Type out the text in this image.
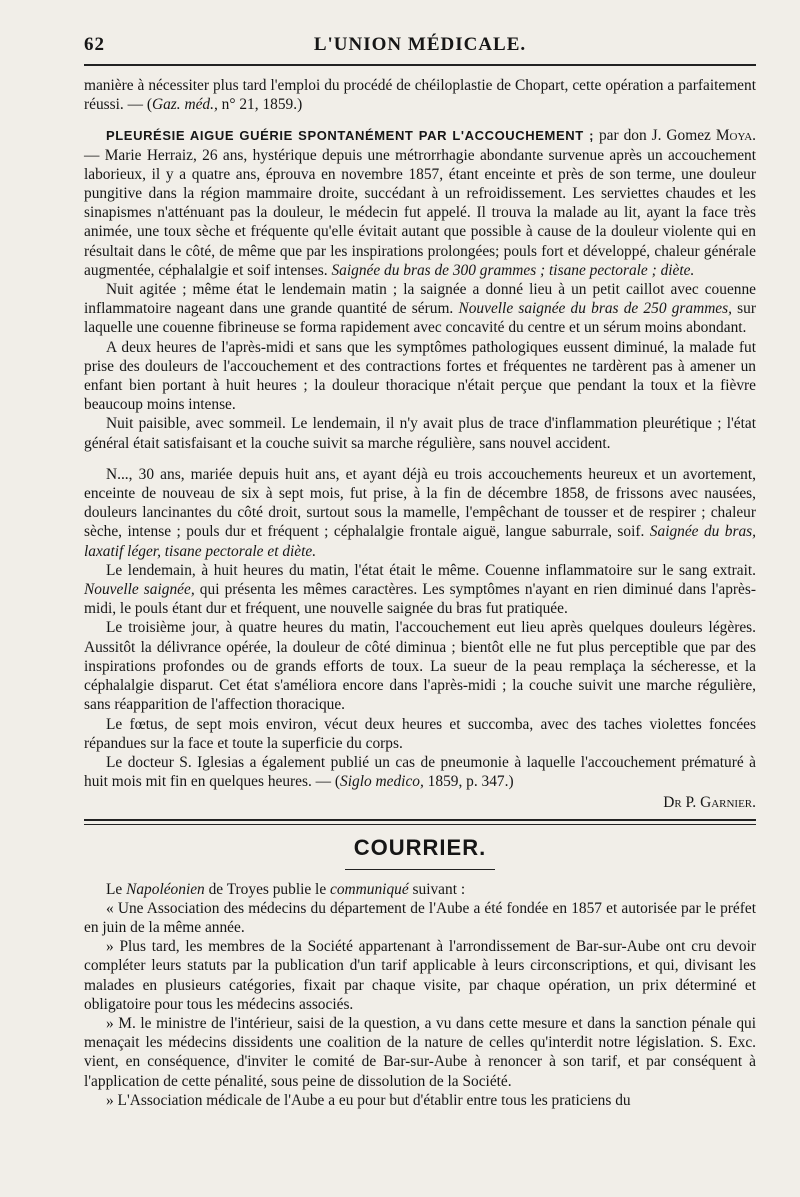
62	L'UNION MÉDICALE.

manière à nécessiter plus tard l'emploi du procédé de chéiloplastie de Chopart, cette opération a parfaitement réussi. — (Gaz. méd., n° 21, 1859.)

PLEURÉSIE AIGUE GUÉRIE SPONTANÉMENT PAR L'ACCOUCHEMENT ; par don J. Gomez Moya. — Marie Herraiz, 26 ans, hystérique depuis une métrorrhagie abondante survenue après un accouchement laborieux, il y a quatre ans, éprouva en novembre 1857, étant enceinte et près de son terme, une douleur pungitive dans la région mammaire droite, succédant à un refroidissement. Les serviettes chaudes et les sinapismes n'atténuant pas la douleur, le médecin fut appelé. Il trouva la malade au lit, ayant la face très animée, une toux sèche et fréquente qu'elle évitait autant que possible à cause de la douleur violente qui en résultait dans le côté, de même que par les inspirations prolongées; pouls fort et développé, chaleur générale augmentée, céphalalgie et soif intenses. Saignée du bras de 300 grammes ; tisane pectorale ; diète.

Nuit agitée ; même état le lendemain matin ; la saignée a donné lieu à un petit caillot avec couenne inflammatoire nageant dans une grande quantité de sérum. Nouvelle saignée du bras de 250 grammes, sur laquelle une couenne fibrineuse se forma rapidement avec concavité du centre et un sérum moins abondant.

A deux heures de l'après-midi et sans que les symptômes pathologiques eussent diminué, la malade fut prise des douleurs de l'accouchement et des contractions fortes et fréquentes ne tardèrent pas à amener un enfant bien portant à huit heures ; la douleur thoracique n'était perçue que pendant la toux et la fièvre beaucoup moins intense.

Nuit paisible, avec sommeil. Le lendemain, il n'y avait plus de trace d'inflammation pleurétique ; l'état général était satisfaisant et la couche suivit sa marche régulière, sans nouvel accident.

N..., 30 ans, mariée depuis huit ans, et ayant déjà eu trois accouchements heureux et un avortement, enceinte de nouveau de six à sept mois, fut prise, à la fin de décembre 1858, de frissons avec nausées, douleurs lancinantes du côté droit, surtout sous la mamelle, l'empêchant de tousser et de respirer ; chaleur sèche, intense ; pouls dur et fréquent ; céphalalgie frontale aiguë, langue saburrale, soif. Saignée du bras, laxatif léger, tisane pectorale et diète.

Le lendemain, à huit heures du matin, l'état était le même. Couenne inflammatoire sur le sang extrait. Nouvelle saignée, qui présenta les mêmes caractères. Les symptômes n'ayant en rien diminué dans l'après-midi, le pouls étant dur et fréquent, une nouvelle saignée du bras fut pratiquée.

Le troisième jour, à quatre heures du matin, l'accouchement eut lieu après quelques douleurs légères. Aussitôt la délivrance opérée, la douleur de côté diminua ; bientôt elle ne fut plus perceptible que par des inspirations profondes ou de grands efforts de toux. La sueur de la peau remplaça la sécheresse, et la céphalalgie disparut. Cet état s'améliora encore dans l'après-midi ; la couche suivit une marche régulière, sans réapparition de l'affection thoracique.

Le fœtus, de sept mois environ, vécut deux heures et succomba, avec des taches violettes foncées répandues sur la face et toute la superficie du corps.

Le docteur S. Iglesias a également publié un cas de pneumonie à laquelle l'accouchement prématuré à huit mois mit fin en quelques heures. — (Siglo medico, 1859, p. 347.)
Dr P. Garnier.

COURRIER.

Le Napoléonien de Troyes publie le communiqué suivant :

« Une Association des médecins du département de l'Aube a été fondée en 1857 et autorisée par le préfet en juin de la même année.

» Plus tard, les membres de la Société appartenant à l'arrondissement de Bar-sur-Aube ont cru devoir compléter leurs statuts par la publication d'un tarif applicable à leurs circonscriptions, et qui, divisant les malades en plusieurs catégories, fixait par chaque visite, par chaque opération, un prix déterminé et obligatoire pour tous les médecins associés.

» M. le ministre de l'intérieur, saisi de la question, a vu dans cette mesure et dans la sanction pénale qui menaçait les médecins dissidents une coalition de la nature de celles qu'interdit notre législation. S. Exc. vient, en conséquence, d'inviter le comité de Bar-sur-Aube à renoncer à son tarif, et par conséquent à l'application de cette pénalité, sous peine de dissolution de la Société.

» L'Association médicale de l'Aube a eu pour but d'établir entre tous les praticiens du
